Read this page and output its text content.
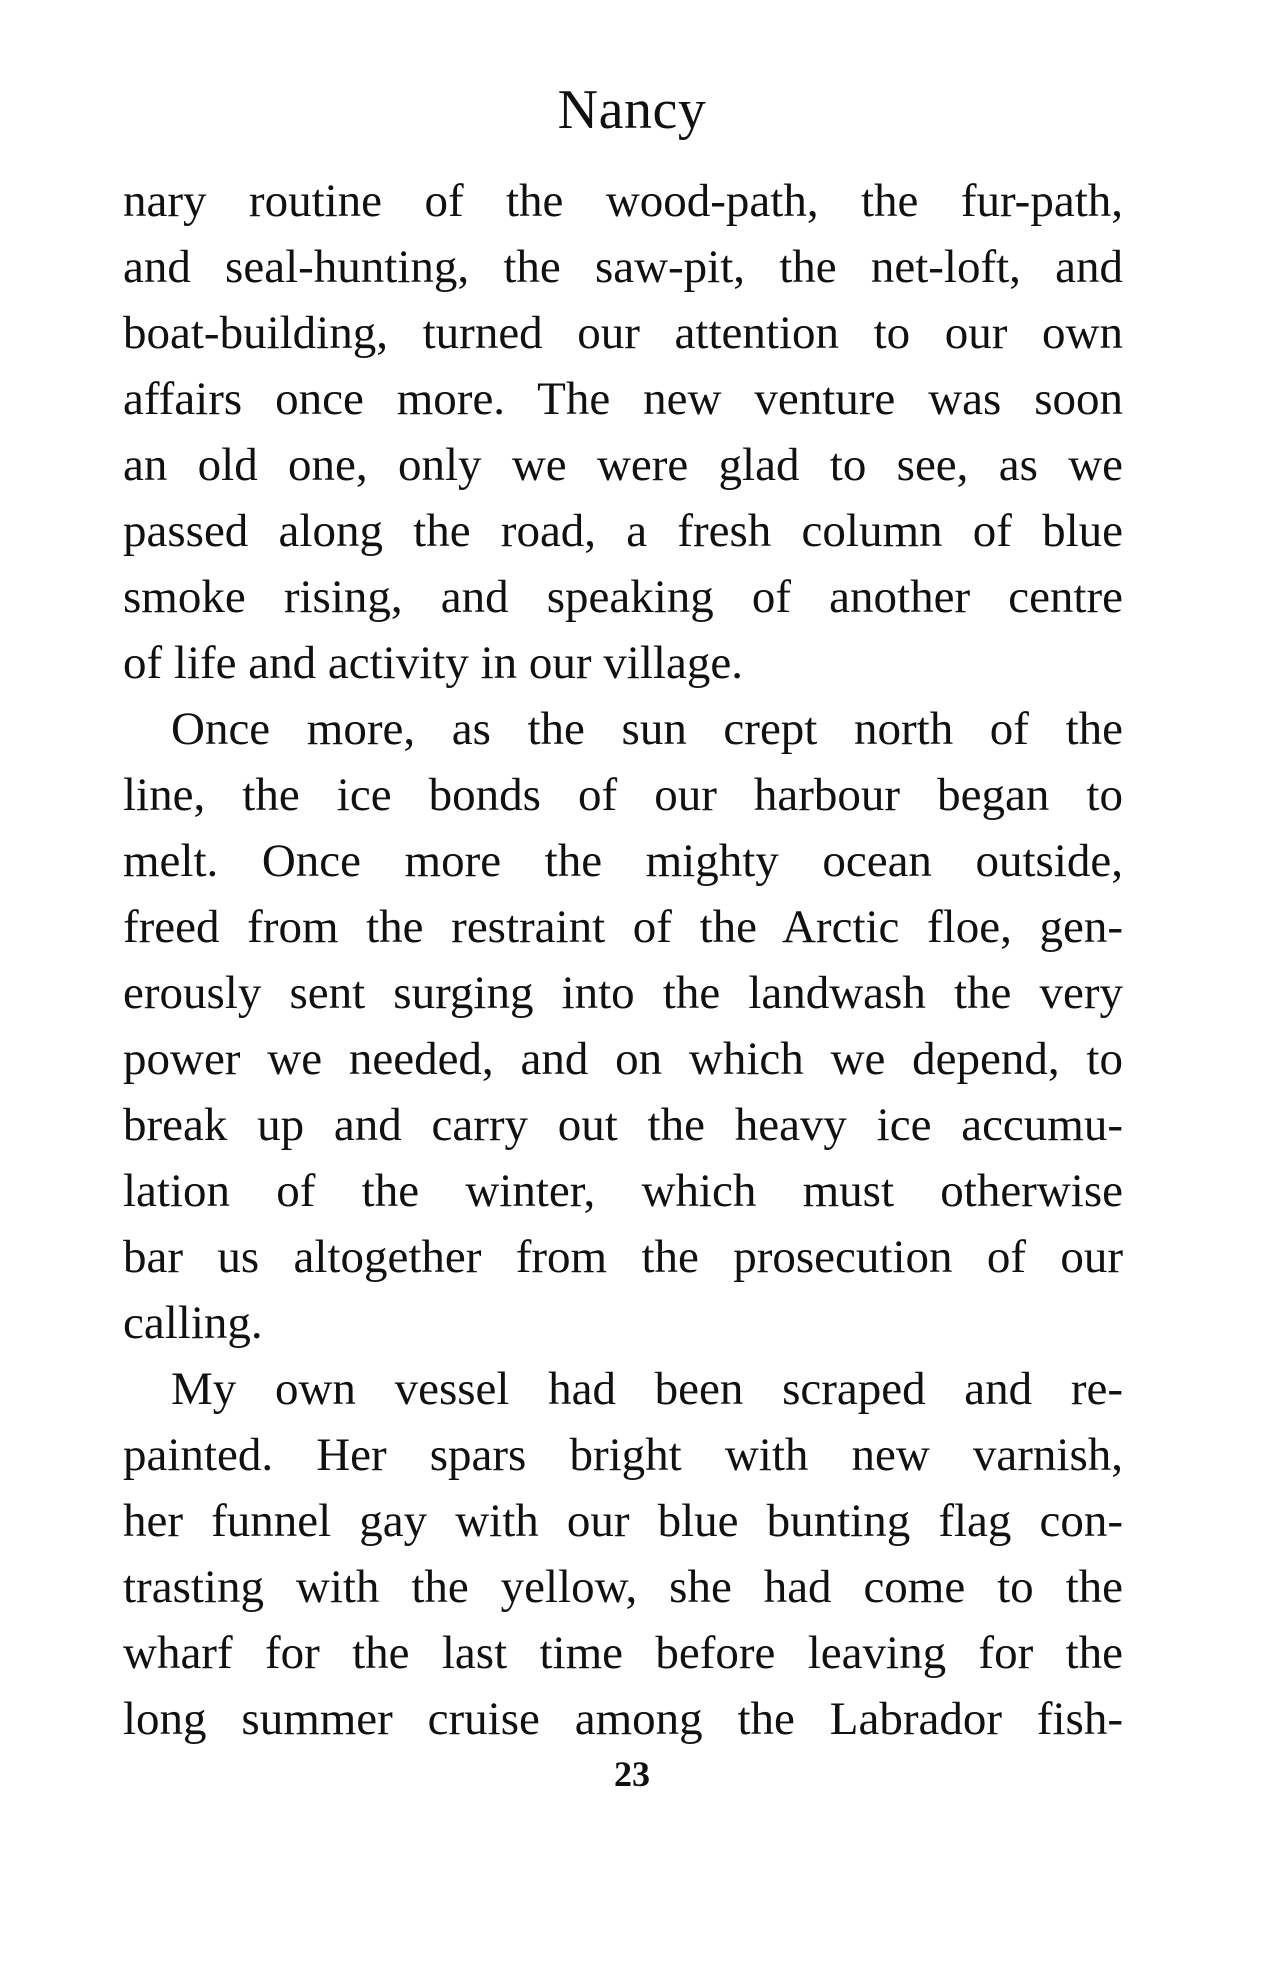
Nancy
nary routine of the wood-path, the fur-path,
and seal-hunting, the saw-pit, the net-loft, and
boat-building, turned our attention to our own
affairs once more. The new venture was soon
an old one, only we were glad to see, as we
passed along the road, a fresh column of blue
smoke rising, and speaking of another centre
of life and activity in our village.
Once more, as the sun crept north of the
line, the ice bonds of our harbour began to
melt. Once more the mighty ocean outside,
freed from the restraint of the Arctic floe, gen-
erously sent surging into the landwash the very
power we needed, and on which we depend, to
break up and carry out the heavy ice accumu-
lation of the winter, which must otherwise
bar us altogether from the prosecution of our
calling.
My own vessel had been scraped and re-
painted. Her spars bright with new varnish,
her funnel gay with our blue bunting flag con-
trasting with the yellow, she had come to the
wharf for the last time before leaving for the
long summer cruise among the Labrador fish-
23
